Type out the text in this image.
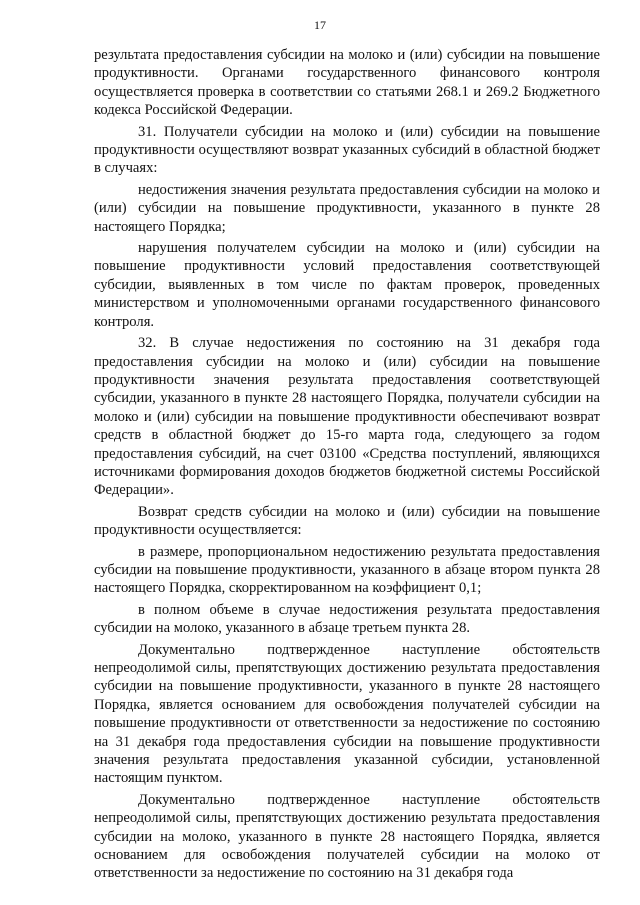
17

результата предоставления субсидии на молоко и (или) субсидии на повышение продуктивности. Органами государственного финансового контроля осуществляется проверка в соответствии со статьями 268.1 и 269.2 Бюджетного кодекса Российской Федерации.

31. Получатели субсидии на молоко и (или) субсидии на повышение продуктивности осуществляют возврат указанных субсидий в областной бюджет в случаях:

недостижения значения результата предоставления субсидии на молоко и (или) субсидии на повышение продуктивности, указанного в пункте 28 настоящего Порядка;

нарушения получателем субсидии на молоко и (или) субсидии на повышение продуктивности условий предоставления соответствующей субсидии, выявленных в том числе по фактам проверок, проведенных министерством и уполномоченными органами государственного финансового контроля.

32. В случае недостижения по состоянию на 31 декабря года предоставления субсидии на молоко и (или) субсидии на повышение продуктивности значения результата предоставления соответствующей субсидии, указанного в пункте 28 настоящего Порядка, получатели субсидии на молоко и (или) субсидии на повышение продуктивности обеспечивают возврат средств в областной бюджет до 15-го марта года, следующего за годом предоставления субсидий, на счет 03100 «Средства поступлений, являющихся источниками формирования доходов бюджетов бюджетной системы Российской Федерации».

Возврат средств субсидии на молоко и (или) субсидии на повышение продуктивности осуществляется:

в размере, пропорциональном недостижению результата предоставления субсидии на повышение продуктивности, указанного в абзаце втором пункта 28 настоящего Порядка, скорректированном на коэффициент 0,1;

в полном объеме в случае недостижения результата предоставления субсидии на молоко, указанного в абзаце третьем пункта 28.

Документально подтвержденное наступление обстоятельств непреодолимой силы, препятствующих достижению результата предоставления субсидии на повышение продуктивности, указанного в пункте 28 настоящего Порядка, является основанием для освобождения получателей субсидии на повышение продуктивности от ответственности за недостижение по состоянию на 31 декабря года предоставления субсидии на повышение продуктивности значения результата предоставления указанной субсидии, установленной настоящим пунктом.

Документально подтвержденное наступление обстоятельств непреодолимой силы, препятствующих достижению результата предоставления субсидии на молоко, указанного в пункте 28 настоящего Порядка, является основанием для освобождения получателей субсидии на молоко от ответственности за недостижение по состоянию на 31 декабря года
